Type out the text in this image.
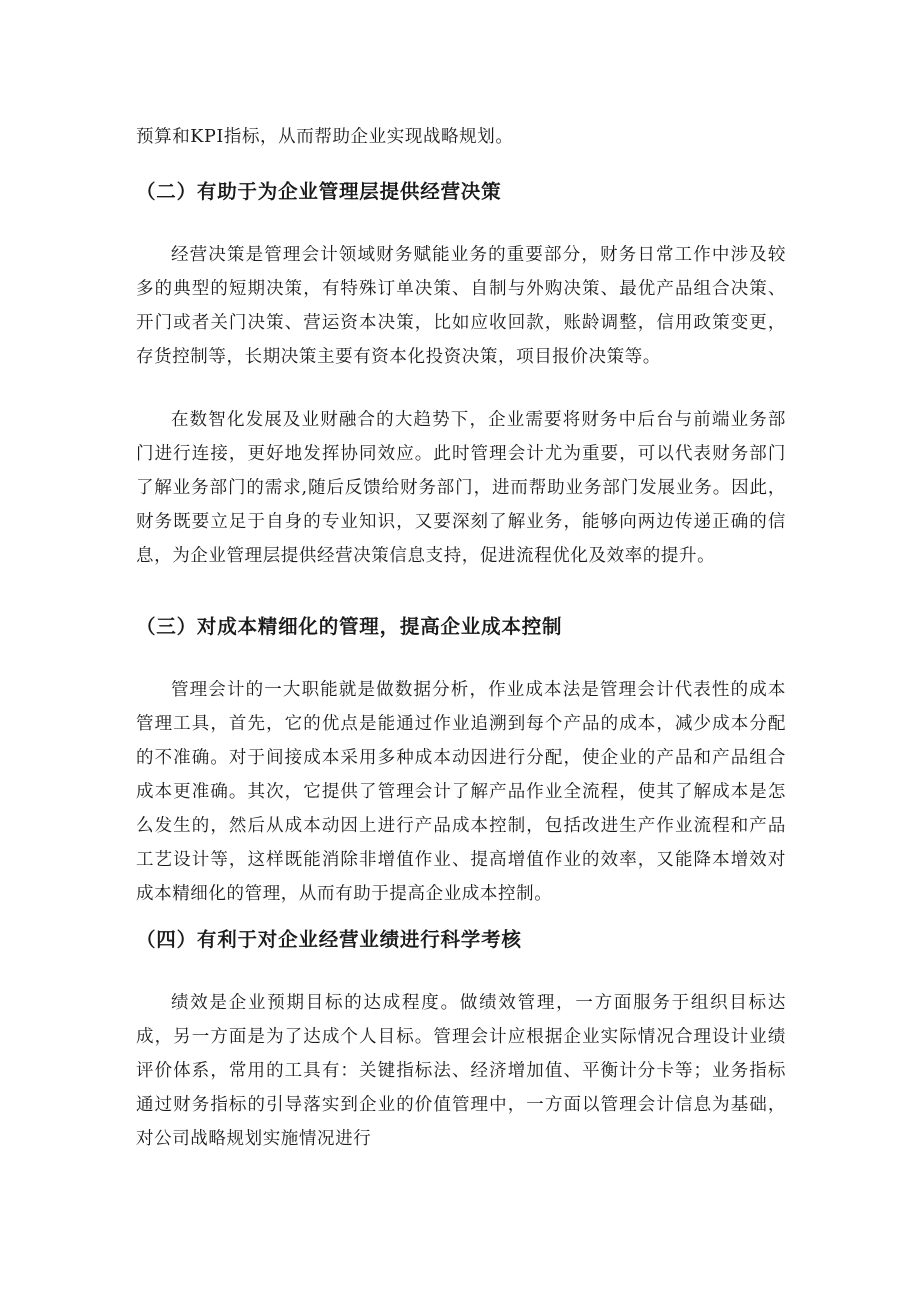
预算和KPI指标，从而帮助企业实现战略规划。

（二）有助于为企业管理层提供经营决策

经营决策是管理会计领域财务赋能业务的重要部分，财务日常工作中涉及较多的典型的短期决策，有特殊订单决策、自制与外购决策、最优产品组合决策、开门或者关门决策、营运资本决策，比如应收回款，账龄调整，信用政策变更，存货控制等，长期决策主要有资本化投资决策，项目报价决策等。

在数智化发展及业财融合的大趋势下，企业需要将财务中后台与前端业务部门进行连接，更好地发挥协同效应。此时管理会计尤为重要，可以代表财务部门了解业务部门的需求,随后反馈给财务部门，进而帮助业务部门发展业务。因此，财务既要立足于自身的专业知识，又要深刻了解业务，能够向两边传递正确的信息，为企业管理层提供经营决策信息支持，促进流程优化及效率的提升。

（三）对成本精细化的管理，提高企业成本控制

管理会计的一大职能就是做数据分析，作业成本法是管理会计代表性的成本管理工具，首先，它的优点是能通过作业追溯到每个产品的成本，减少成本分配的不准确。对于间接成本采用多种成本动因进行分配，使企业的产品和产品组合成本更准确。其次，它提供了管理会计了解产品作业全流程，使其了解成本是怎么发生的，然后从成本动因上进行产品成本控制，包括改进生产作业流程和产品工艺设计等，这样既能消除非增值作业、提高增值作业的效率，又能降本增效对成本精细化的管理，从而有助于提高企业成本控制。

（四）有利于对企业经营业绩进行科学考核

绩效是企业预期目标的达成程度。做绩效管理，一方面服务于组织目标达成，另一方面是为了达成个人目标。管理会计应根据企业实际情况合理设计业绩评价体系，常用的工具有：关键指标法、经济增加值、平衡计分卡等；业务指标通过财务指标的引导落实到企业的价值管理中，一方面以管理会计信息为基础，对公司战略规划实施情况进行
